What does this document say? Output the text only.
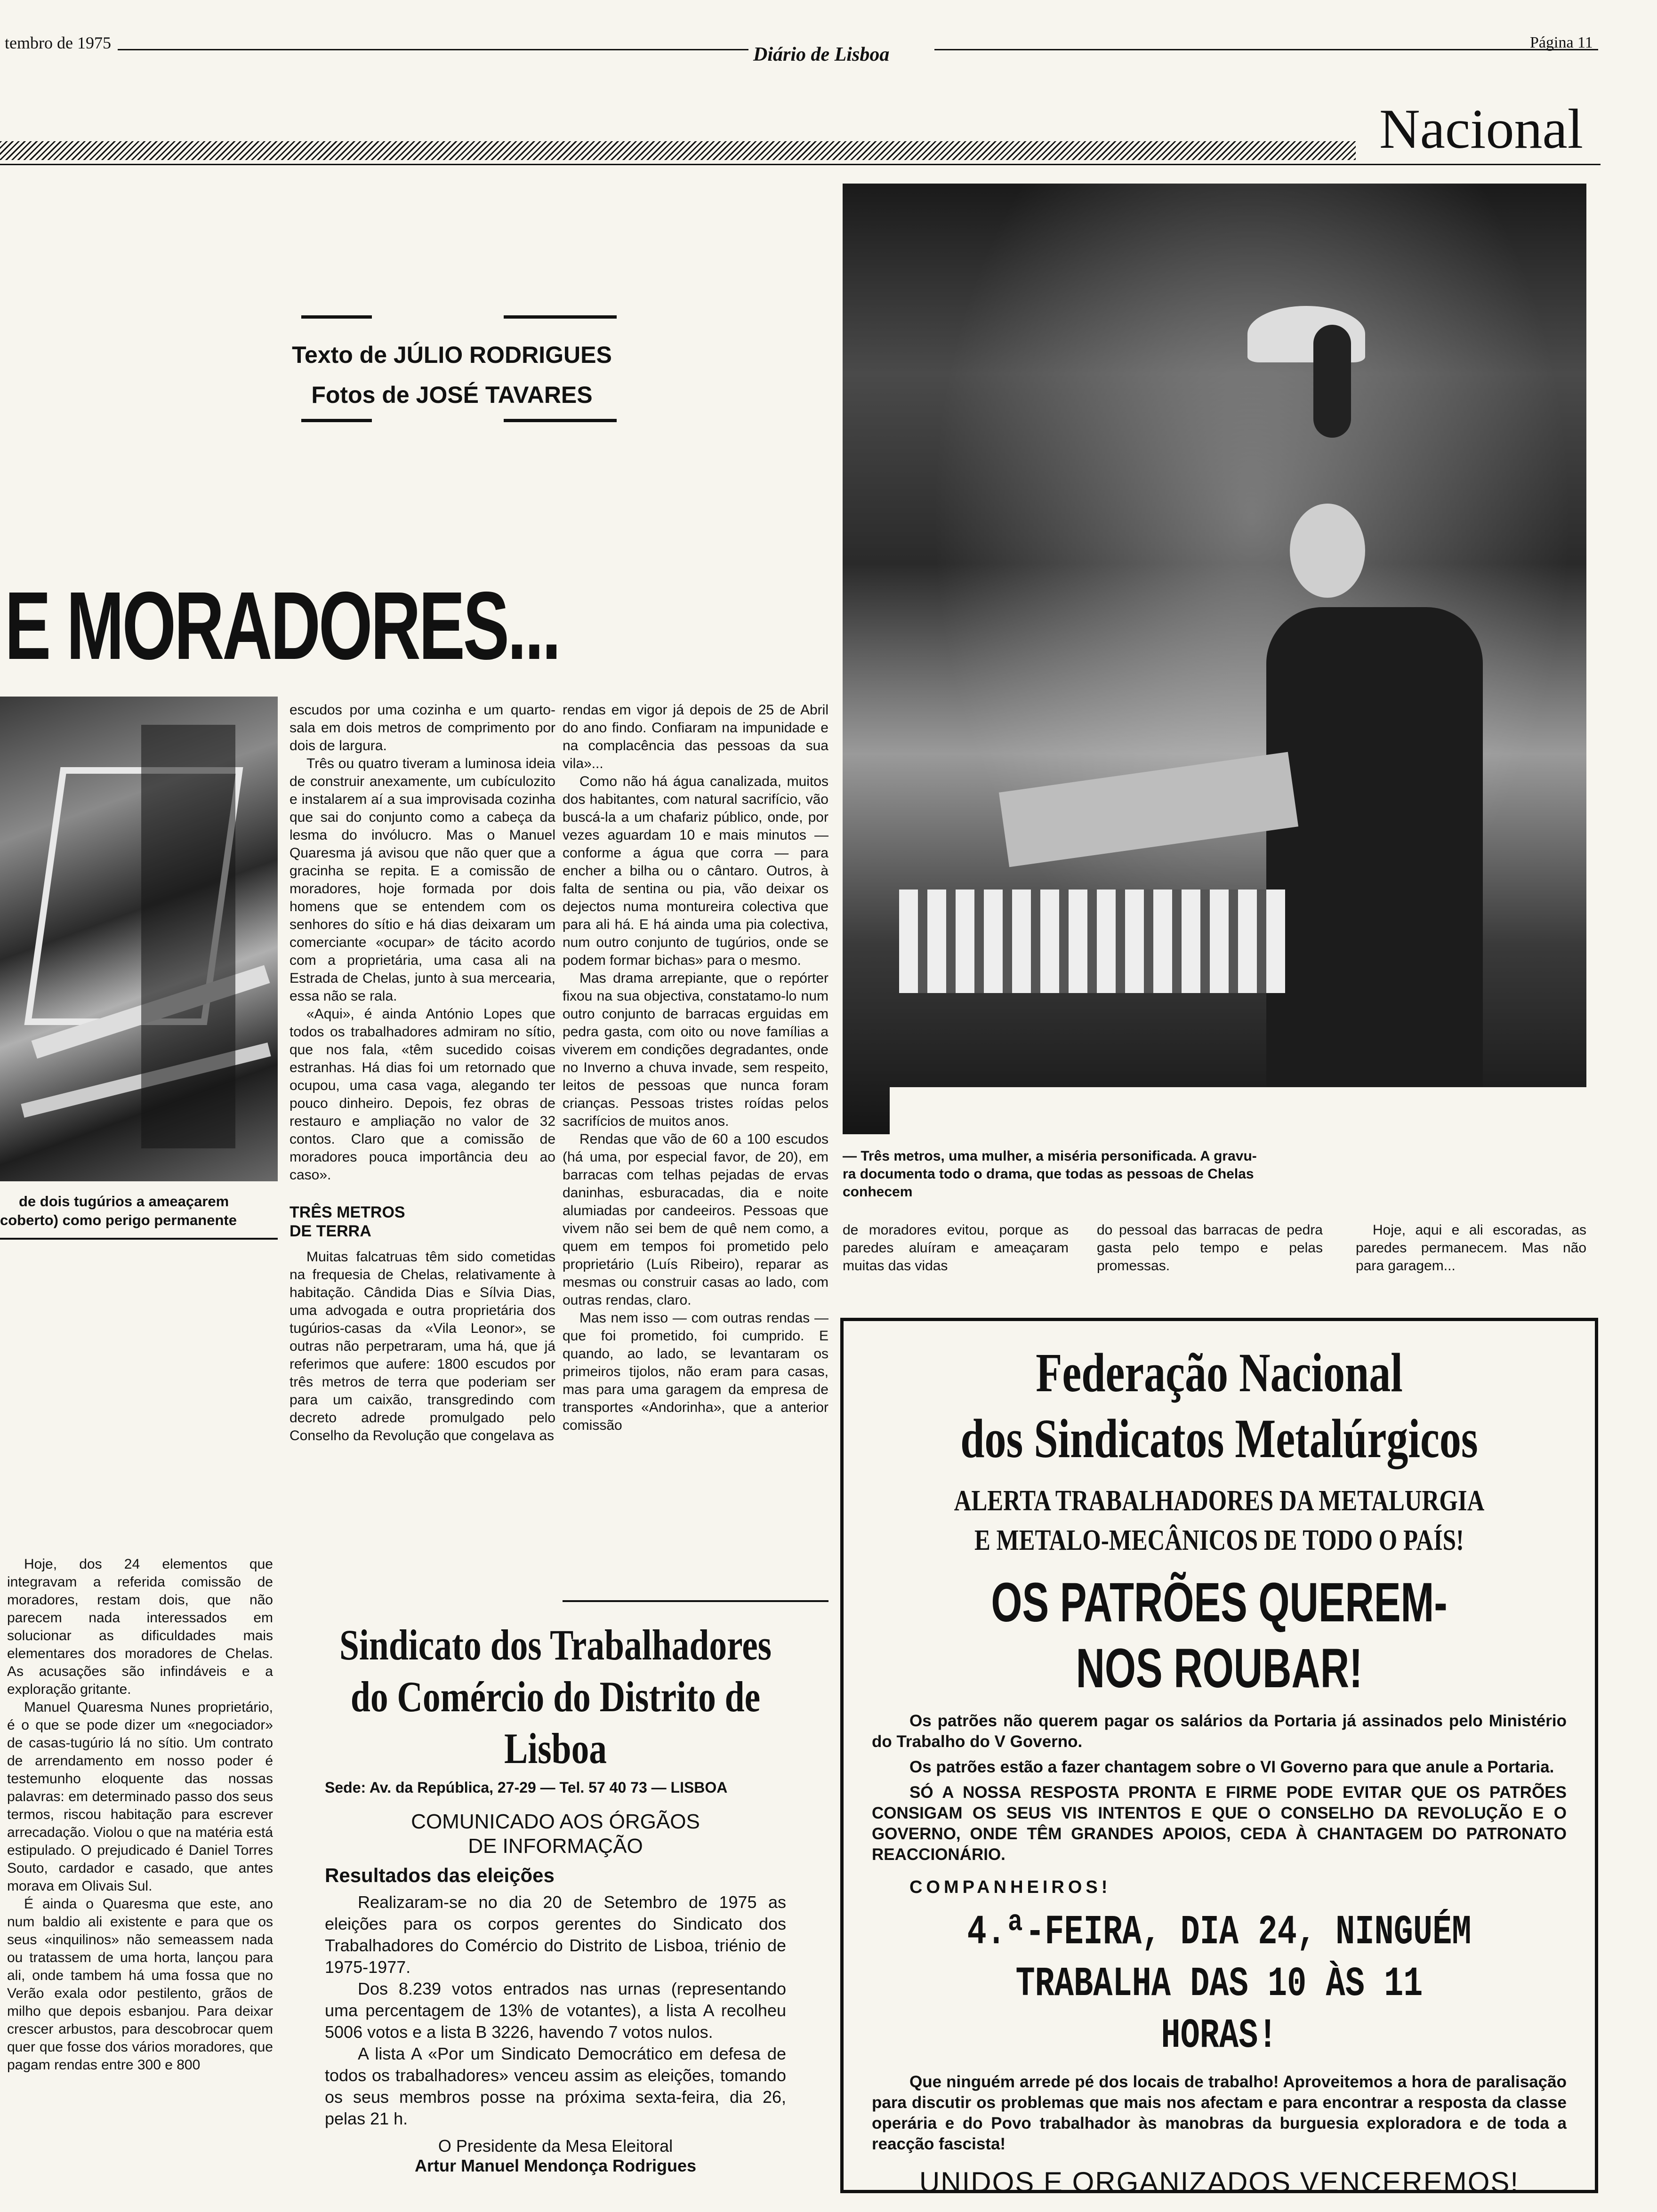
tembro de 1975
Diário de Lisboa
Página 11
Nacional
Texto de JÚLIO RODRIGUES
Fotos de JOSÉ TAVARES
E MORADORES...
de dois tugúrios a ameaçarem
coberto) como perigo permanente
— Três metros, uma mulher, a miséria personificada. A gravu-
ra documenta todo o drama, que todas as pessoas de Chelas
conhecem

Hoje, dos 24 elementos que integravam a referida comissão de moradores, restam dois, que não parecem nada interessados em solucionar as dificuldades mais elementares dos moradores de Chelas. As acusações são infindáveis e a exploração gritante.

Manuel Quaresma Nunes proprietário, é o que se pode dizer um «negociador» de casas-tugúrio lá no sítio. Um contrato de arrendamento em nosso poder é testemunho eloquente das nossas palavras: em determinado passo dos seus termos, riscou habitação para escrever arrecadação. Violou o que na matéria está estipulado. O prejudicado é Daniel Torres Souto, cardador e casado, que antes morava em Olivais Sul.

É ainda o Quaresma que este, ano num baldio ali existente e para que os seus «inquilinos» não semeassem nada ou tratassem de uma horta, lançou para ali, onde tambem há uma fossa que no Verão exala odor pestilento, grãos de milho que depois esbanjou. Para deixar crescer arbustos, para descobrocar quem quer que fosse dos vários moradores, que pagam rendas entre 300 e 800

escudos por uma cozinha e um quarto-sala em dois metros de comprimento por dois de largura.

Três ou quatro tiveram a luminosa ideia de construir anexamente, um cubículozito e instalarem aí a sua improvisada cozinha que sai do conjunto como a cabeça da lesma do invólucro. Mas o Manuel Quaresma já avisou que não quer que a gracinha se repita. E a comissão de moradores, hoje formada por dois homens que se entendem com os senhores do sítio e há dias deixaram um comerciante «ocupar» de tácito acordo com a proprietária, uma casa ali na Estrada de Chelas, junto à sua mercearia, essa não se rala.

«Aqui», é ainda António Lopes que todos os trabalhadores admiram no sítio, que nos fala, «têm sucedido coisas estranhas. Há dias foi um retornado que ocupou, uma casa vaga, alegando ter pouco dinheiro. Depois, fez obras de restauro e ampliação no valor de 32 contos. Claro que a comissão de moradores pouca importância deu ao caso».

TRÊS METROS
DE TERRA

Muitas falcatruas têm sido cometidas na frequesia de Chelas, relativamente à habitação. Cândida Dias e Sílvia Dias, uma advogada e outra proprietária dos tugúrios-casas da «Vila Leonor», se outras não perpetraram, uma há, que já referimos que aufere: 1800 escudos por três metros de terra que poderiam ser para um caixão, transgredindo com decreto adrede promulgado pelo Conselho da Revolução que congelava as

rendas em vigor já depois de 25 de Abril do ano findo. Confiaram na impunidade e na complacência das pessoas da sua vila»...

Como não há água canalizada, muitos dos habitantes, com natural sacrifício, vão buscá-la a um chafariz público, onde, por vezes aguardam 10 e mais minutos — conforme a água que corra — para encher a bilha ou o cântaro. Outros, à falta de sentina ou pia, vão deixar os dejectos numa montureira colectiva que para ali há. E há ainda uma pia colectiva, num outro conjunto de tugúrios, onde se podem formar bichas» para o mesmo.

Mas drama arrepiante, que o repórter fixou na sua objectiva, constatamo-lo num outro conjunto de barracas erguidas em pedra gasta, com oito ou nove famílias a viverem em condições degradantes, onde no Inverno a chuva invade, sem respeito, leitos de pessoas que nunca foram crianças. Pessoas tristes roídas pelos sacrifícios de muitos anos.

Rendas que vão de 60 a 100 escudos (há uma, por especial favor, de 20), em barracas com telhas pejadas de ervas daninhas, esburacadas, dia e noite alumiadas por candeeiros. Pessoas que vivem não sei bem de quê nem como, a quem em tempos foi prometido pelo proprietário (Luís Ribeiro), reparar as mesmas ou construir casas ao lado, com outras rendas, claro.

Mas nem isso — com outras rendas — que foi prometido, foi cumprido. E quando, ao lado, se levantaram os primeiros tijolos, não eram para casas, mas para uma garagem da empresa de transportes «Andorinha», que a anterior comissão

de moradores evitou, porque as paredes aluíram e ameaçaram muitas das vidas

do pessoal das barracas de pedra gasta pelo tempo e pelas promessas.

Hoje, aqui e ali escoradas, as paredes permanecem. Mas não para garagem...

Sindicato dos Trabalhadores
do Comércio do Distrito de Lisboa
Sede: Av. da República, 27-29 — Tel. 57 40 73 — LISBOA
COMUNICADO AOS ÓRGÃOS
DE INFORMAÇÃO
Resultados das eleições

Realizaram-se no dia 20 de Setembro de 1975 as eleições para os corpos gerentes do Sindicato dos Trabalhadores do Comércio do Distrito de Lisboa, triénio de 1975-1977.

Dos 8.239 votos entrados nas urnas (representando uma percentagem de 13% de votantes), a lista A recolheu 5006 votos e a lista B 3226, havendo 7 votos nulos.

A lista A «Por um Sindicato Democrático em defesa de todos os trabalhadores» venceu assim as eleições, tomando os seus membros posse na próxima sexta-feira, dia 26, pelas 21 h.

O Presidente da Mesa Eleitoral
Artur Manuel Mendonça Rodrigues
Federação Nacional
dos Sindicatos Metalúrgicos
ALERTA TRABALHADORES DA METALURGIA
E METALO-MECÂNICOS DE TODO O PAÍS!
OS PATRÕES QUEREM-NOS ROUBAR!

Os patrões não querem pagar os salários da Portaria já assinados pelo Ministério do Trabalho do V Governo.

Os patrões estão a fazer chantagem sobre o VI Governo para que anule a Portaria.

SÓ A NOSSA RESPOSTA PRONTA E FIRME PODE EVITAR QUE OS PATRÕES CONSIGAM OS SEUS VIS INTENTOS E QUE O CONSELHO DA REVOLUÇÃO E O GOVERNO, ONDE TÊM GRANDES APOIOS, CEDA À CHANTAGEM DO PATRONATO REACCIONÁRIO.

COMPANHEIROS!
4.ª-FEIRA, DIA 24, NINGUÉM
TRABALHA DAS 10 ÀS 11 HORAS!
Que ninguém arrede pé dos locais de trabalho! Aproveitemos a hora de paralisação para discutir os problemas que mais nos afectam e para encontrar a resposta da classe operária e do Povo trabalhador às manobras da burguesia exploradora e de toda a reacção fascista!
UNIDOS E ORGANIZADOS VENCEREMOS!
